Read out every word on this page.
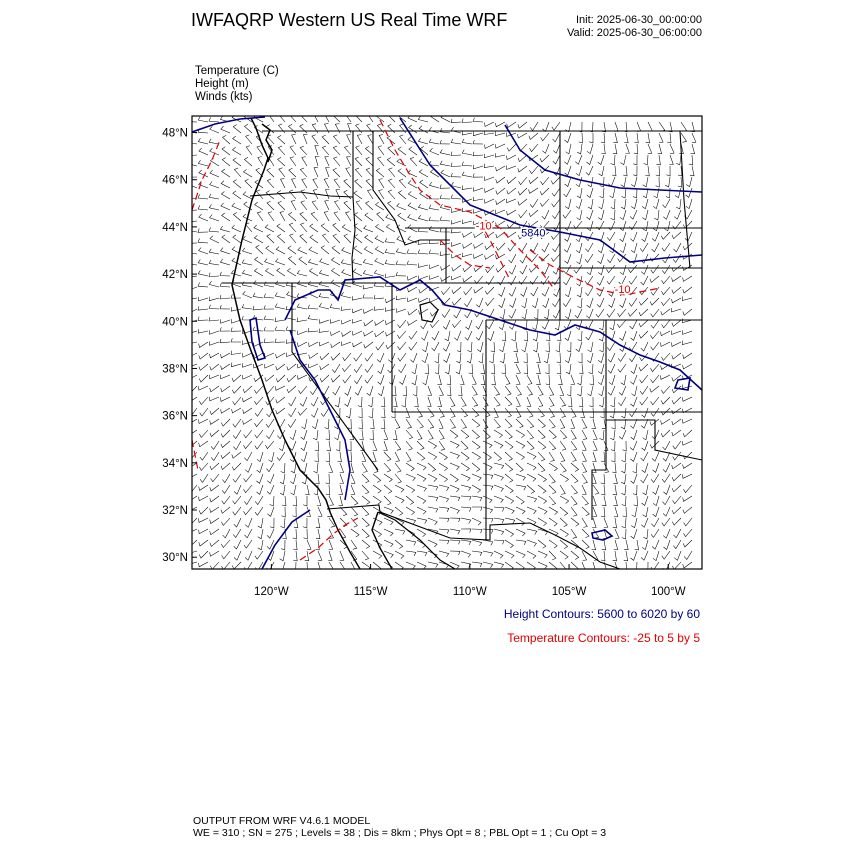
IWFAQRP Western US Real Time WRF	Init: 2025-06-30_00:00:00
Valid: 2025-06-30_06:00:00
Temperature (C)
Height (m)
Winds (kts)
48°N
46°N
44°N
42°N
40°N
38°N
36°N
34°N
32°N
30°N
120°W	115°W	110°W	105°W	100°W
5840
-10
-10
Height Contours: 5600 to 6020 by 60
Temperature Contours: -25 to 5 by 5
OUTPUT FROM WRF V4.6.1 MODEL
WE = 310 ; SN = 275 ; Levels = 38 ; Dis = 8km ; Phys Opt = 8 ; PBL Opt = 1 ; Cu Opt = 3
